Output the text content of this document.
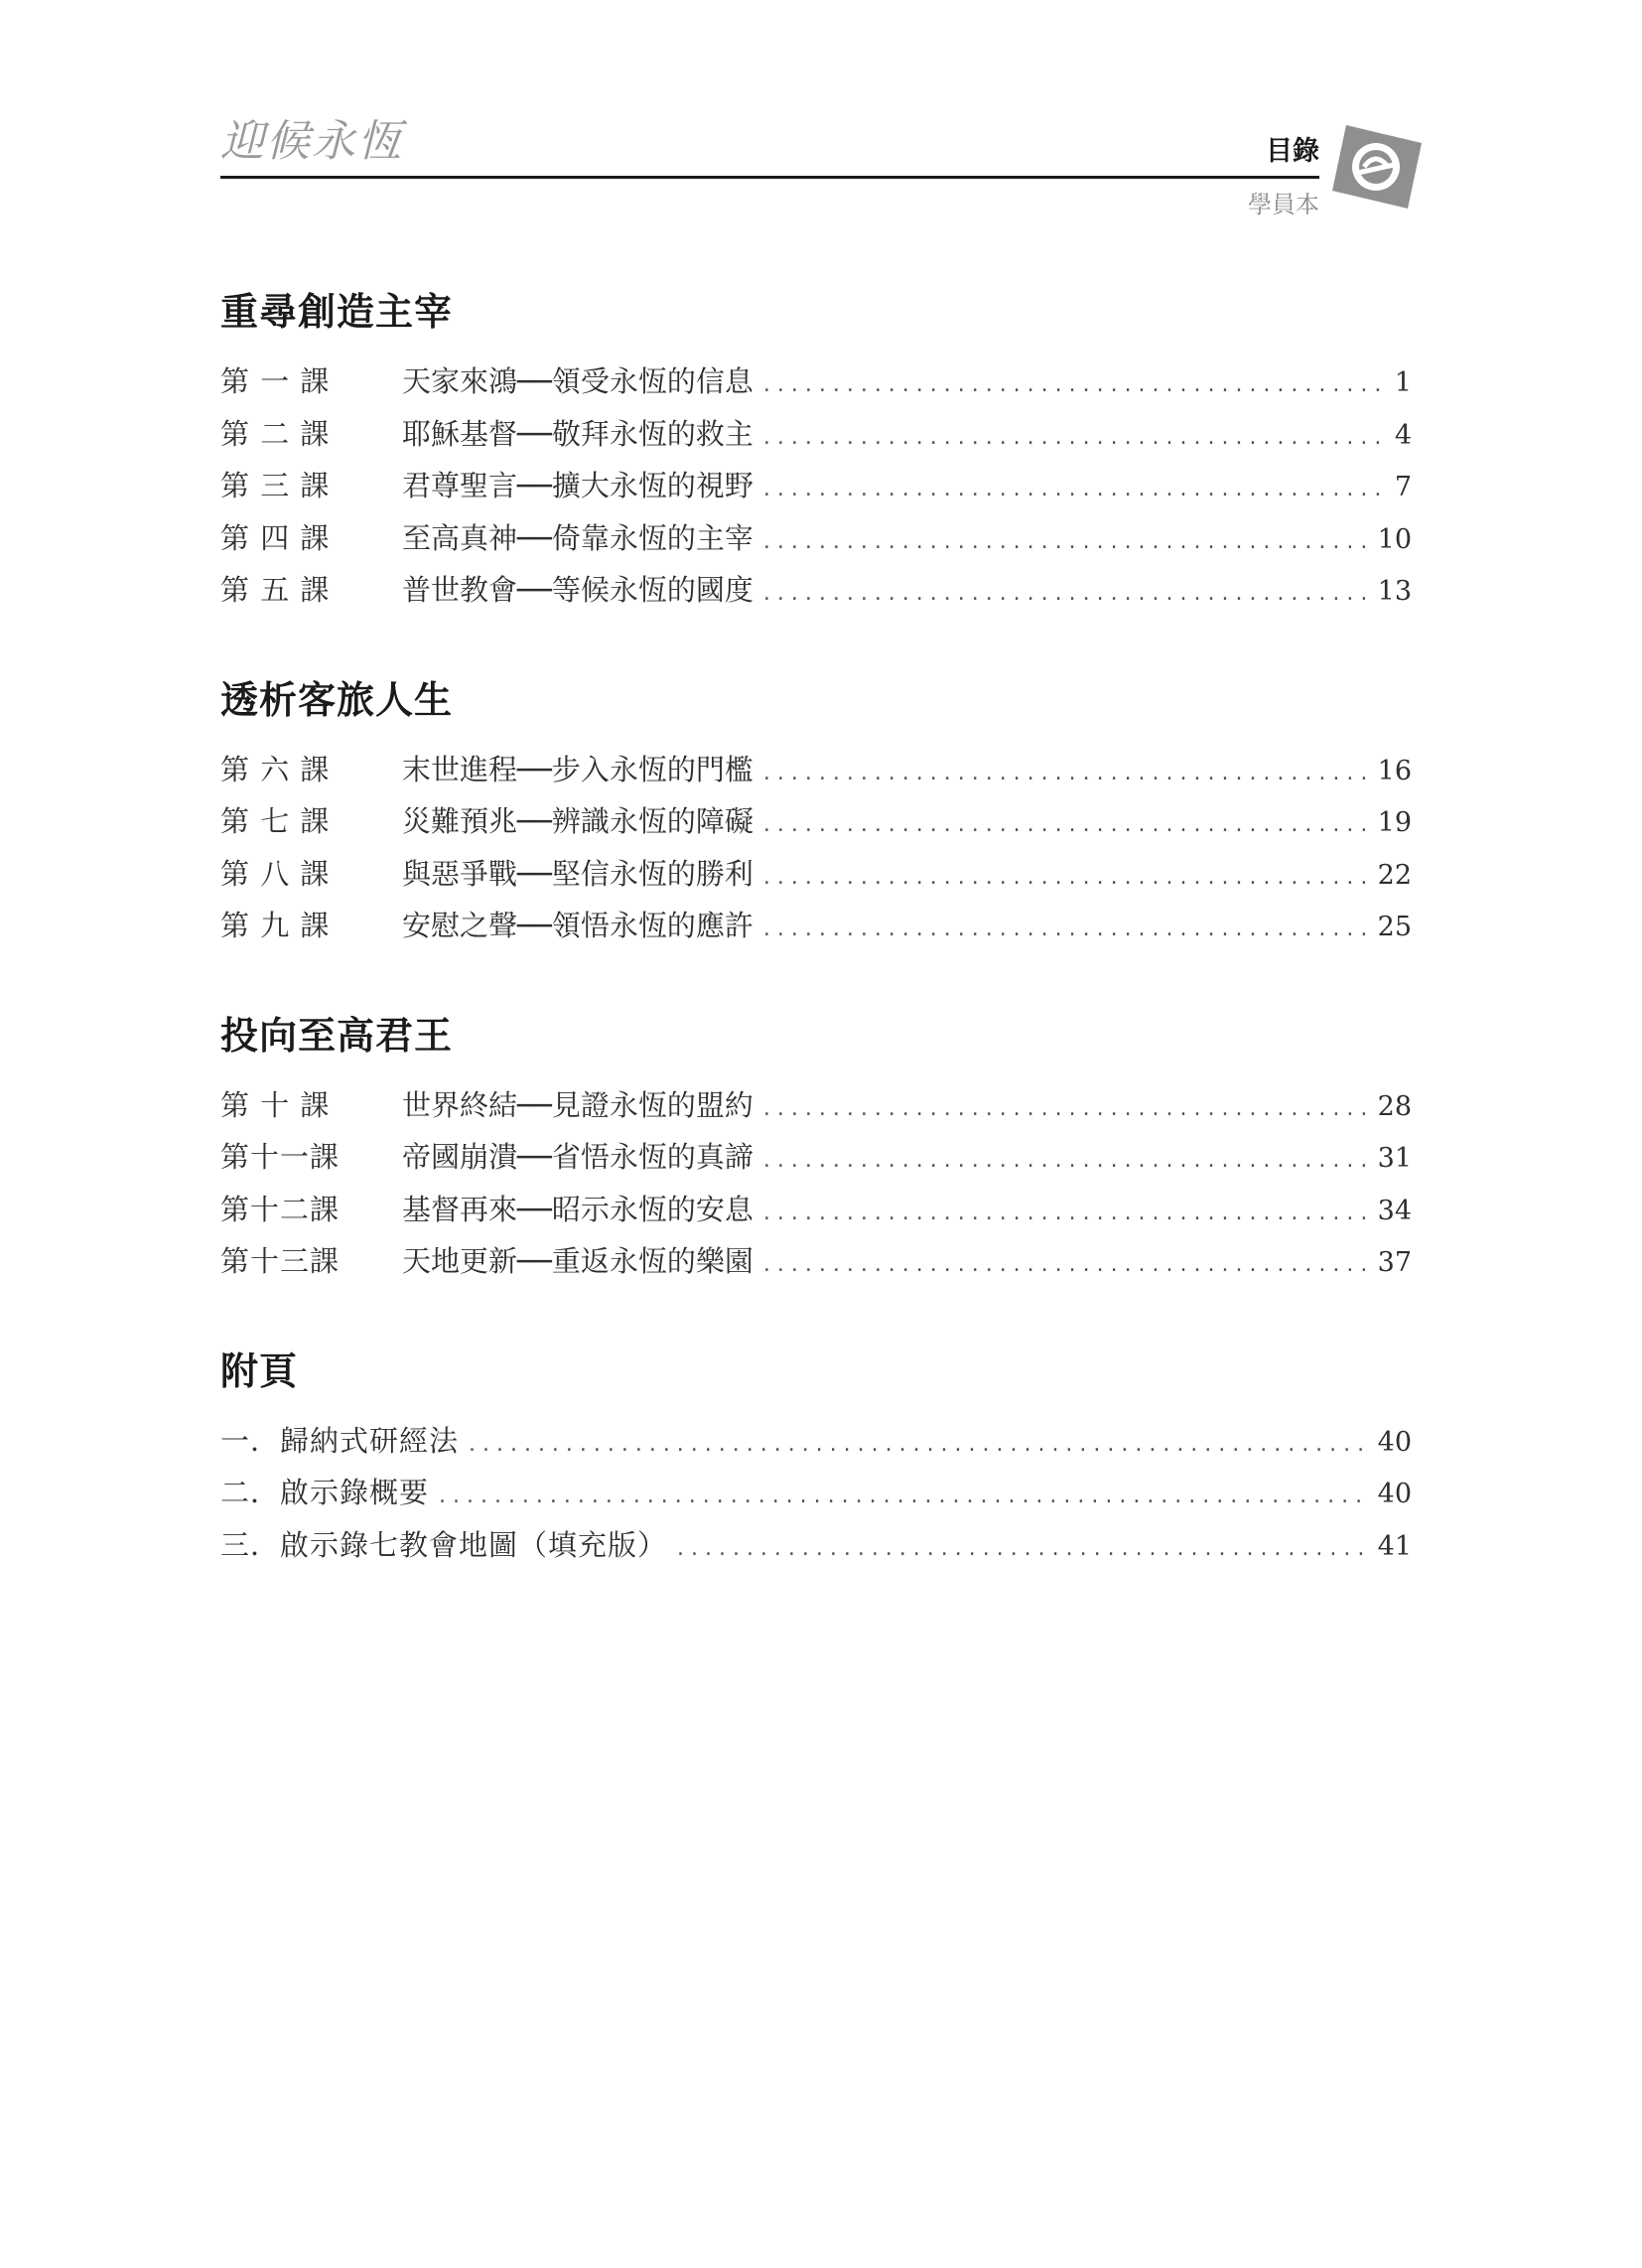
迎候永恆	目錄
學員本
重尋創造主宰
第 一 課	天家來鴻──領受永恆的信息 . . .	1
第 二 課	耶穌基督──敬拜永恆的救主 . . .	4
第 三 課	君尊聖言──擴大永恆的視野 . . .	7
第 四 課	至高真神──倚靠永恆的主宰 . . .	10
第 五 課	普世教會──等候永恆的國度 . . .	13
透析客旅人生
第 六 課	末世進程──步入永恆的門檻 . . .	16
第 七 課	災難預兆──辨識永恆的障礙 . . .	19
第 八 課	與惡爭戰──堅信永恆的勝利 . . .	22
第 九 課	安慰之聲──領悟永恆的應許 . . .	25
投向至高君王
第 十 課	世界終結──見證永恆的盟約 . . .	28
第十一課	帝國崩潰──省悟永恆的真諦 . . .	31
第十二課	基督再來──昭示永恆的安息 . . .	34
第十三課	天地更新──重返永恆的樂園 . . .	37
附頁
一．歸納式研經法 . . .	40
二．啟示錄概要 . . .	40
三．啟示錄七教會地圖（填充版） . . .	41
